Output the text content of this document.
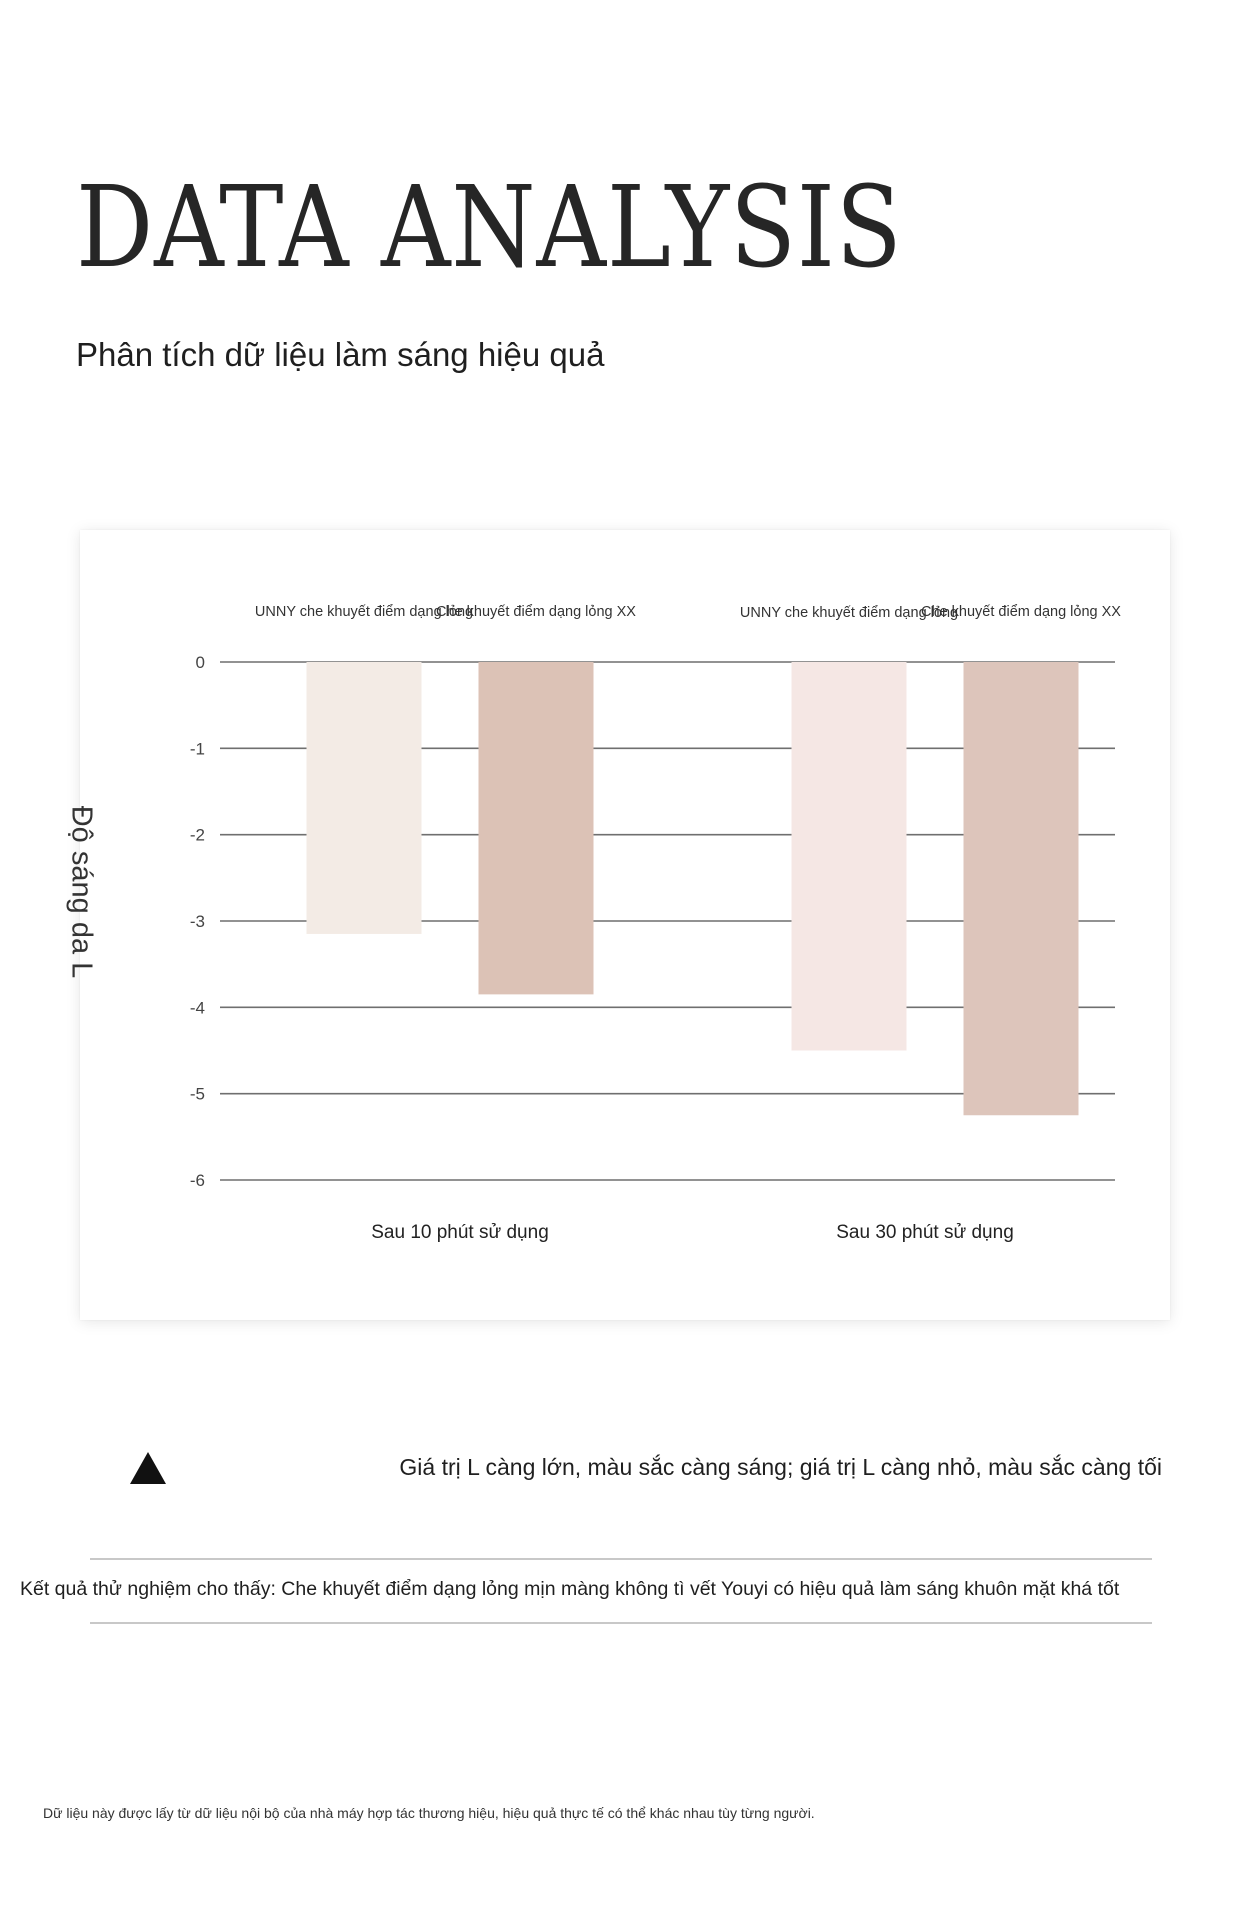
DATA ANALYSIS
Phân tích dữ liệu làm sáng hiệu quả
0
-1
-2
-3
-4
-5
-6
Sau 10 phút sử dụng	Sau 30 phút sử dụng
UNNY che khuyết điểm dạng lỏng
Che khuyết điểm dạng lỏng XX	UNNY che khuyết điểm dạng lỏng
Che khuyết điểm dạng lỏng XX
Độ sáng da L

Giá trị L càng lớn, màu sắc càng sáng; giá trị L càng nhỏ, màu sắc càng tối

Kết quả thử nghiệm cho thấy: Che khuyết điểm dạng lỏng mịn màng không tì vết Youyi có hiệu quả làm sáng khuôn mặt khá tốt

Dữ liệu này được lấy từ dữ liệu nội bộ của nhà máy hợp tác thương hiệu, hiệu quả thực tế có thể khác nhau tùy từng người.
